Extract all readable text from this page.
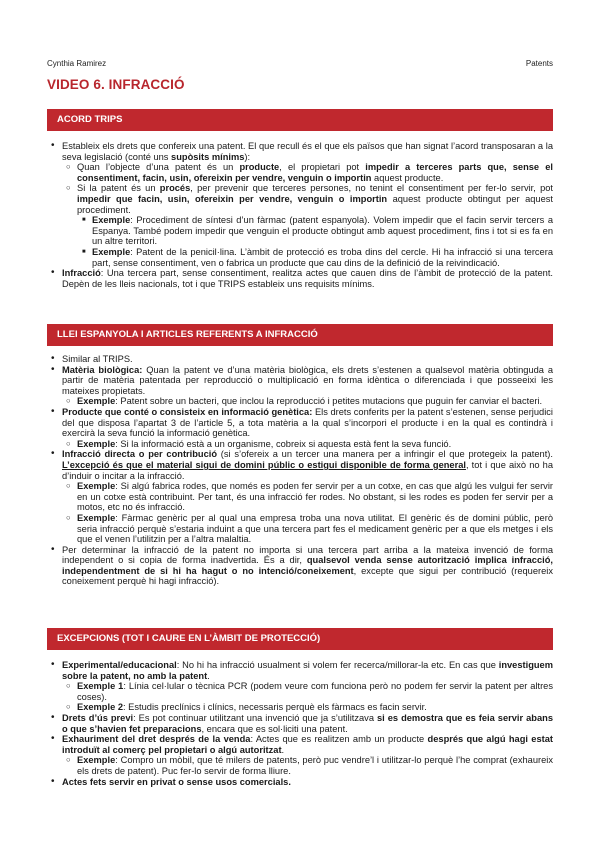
Cynthia Ramirez	Patents
VIDEO 6. INFRACCIÓ
ACORD TRIPS
• Estableix els drets que confereix una patent. El que recull és el que els països que han signat l’acord transposaran a la seva legislació (conté uns supòsits mínims):
○ Quan l’objecte d’una patent és un producte, el propietari pot impedir a terceres parts que, sense el consentiment, facin, usin, ofereixin per vendre, venguin o importin aquest producte.
○ Si la patent és un procés, per prevenir que terceres persones, no tenint el consentiment per fer-lo servir, pot impedir que facin, usin, ofereixin per vendre, venguin o importin aquest producte obtingut per aquest procediment.
■ Exemple: Procediment de síntesi d’un fàrmac (patent espanyola). Volem impedir que el facin servir tercers a Espanya. També podem impedir que venguin el producte obtingut amb aquest procediment, fins i tot si es fa en un altre territori.
■ Exemple: Patent de la penicil·lina. L’àmbit de protecció es troba dins del cercle. Hi ha infracció si una tercera part, sense consentiment, ven o fabrica un producte que cau dins de la definició de la reivindicació.
• Infracció: Una tercera part, sense consentiment, realitza actes que cauen dins de l’àmbit de protecció de la patent. Depèn de les lleis nacionals, tot i que TRIPS estableix uns requisits mínims.
LLEI ESPANYOLA I ARTICLES REFERENTS A INFRACCIÓ
• Similar al TRIPS.
• Matèria biològica: Quan la patent ve d’una matèria biològica, els drets s’estenen a qualsevol matèria obtinguda a partir de matèria patentada per reproducció o multiplicació en forma idèntica o diferenciada i que posseeixi les mateixes propietats.
○ Exemple: Patent sobre un bacteri, que inclou la reproducció i petites mutacions que puguin fer canviar el bacteri.
• Producte que conté o consisteix en informació genètica: Els drets conferits per la patent s’estenen, sense perjudici del que disposa l’apartat 3 de l’article 5, a tota matèria a la qual s’incorpori el producte i en la qual es contindrà i exercirà la seva funció la informació genètica.
○ Exemple: Si la informació està a un organisme, cobreix si aquesta està fent la seva funció.
• Infracció directa o per contribució (si s’ofereix a un tercer una manera per a infringir el que protegeix la patent). L’excepció és que el material sigui de domini públic o estigui disponible de forma general, tot i que això no ha d’induir o incitar a la infracció.
○ Exemple: Si algú fabrica rodes, que només es poden fer servir per a un cotxe, en cas que algú les vulgui fer servir en un cotxe està contribuint. Per tant, és una infracció fer rodes. No obstant, si les rodes es poden fer servir per a motos, etc no és infracció.
○ Exemple: Fàrmac genèric per al qual una empresa troba una nova utilitat. El genèric és de domini públic, però seria infracció perquè s’estaria induint a que una tercera part fes el medicament genèric per a que els metges i els que el venen l’utilitzin per a l’altra malaltia.
• Per determinar la infracció de la patent no importa si una tercera part arriba a la mateixa invenció de forma independent o si copia de forma inadvertida. És a dir, qualsevol venda sense autorització implica infracció, independentment de si hi ha hagut o no intenció/coneixement, excepte que sigui per contribució (requereix coneixement perquè hi hagi infracció).
EXCEPCIONS (TOT I CAURE EN L’ÀMBIT DE PROTECCIÓ)
• Experimental/educacional: No hi ha infracció usualment si volem fer recerca/millorar-la etc. En cas que investiguem sobre la patent, no amb la patent.
○ Exemple 1: Línia cel·lular o tècnica PCR (podem veure com funciona però no podem fer servir la patent per altres coses).
○ Exemple 2: Estudis preclínics i clínics, necessaris perquè els fàrmacs es facin servir.
• Drets d’ús previ: Es pot continuar utilitzant una invenció que ja s’utilitzava si es demostra que es feia servir abans o que s’havien fet preparacions, encara que es sol·liciti una patent.
• Exhauriment del dret després de la venda: Actes que es realitzen amb un producte després que algú hagi estat introduït al comerç pel propietari o algú autoritzat.
○ Exemple: Compro un mòbil, que té milers de patents, però puc vendre’l i utilitzar-lo perquè l’he comprat (exhaureix els drets de patent). Puc fer-lo servir de forma lliure.
• Actes fets servir en privat o sense usos comercials.
